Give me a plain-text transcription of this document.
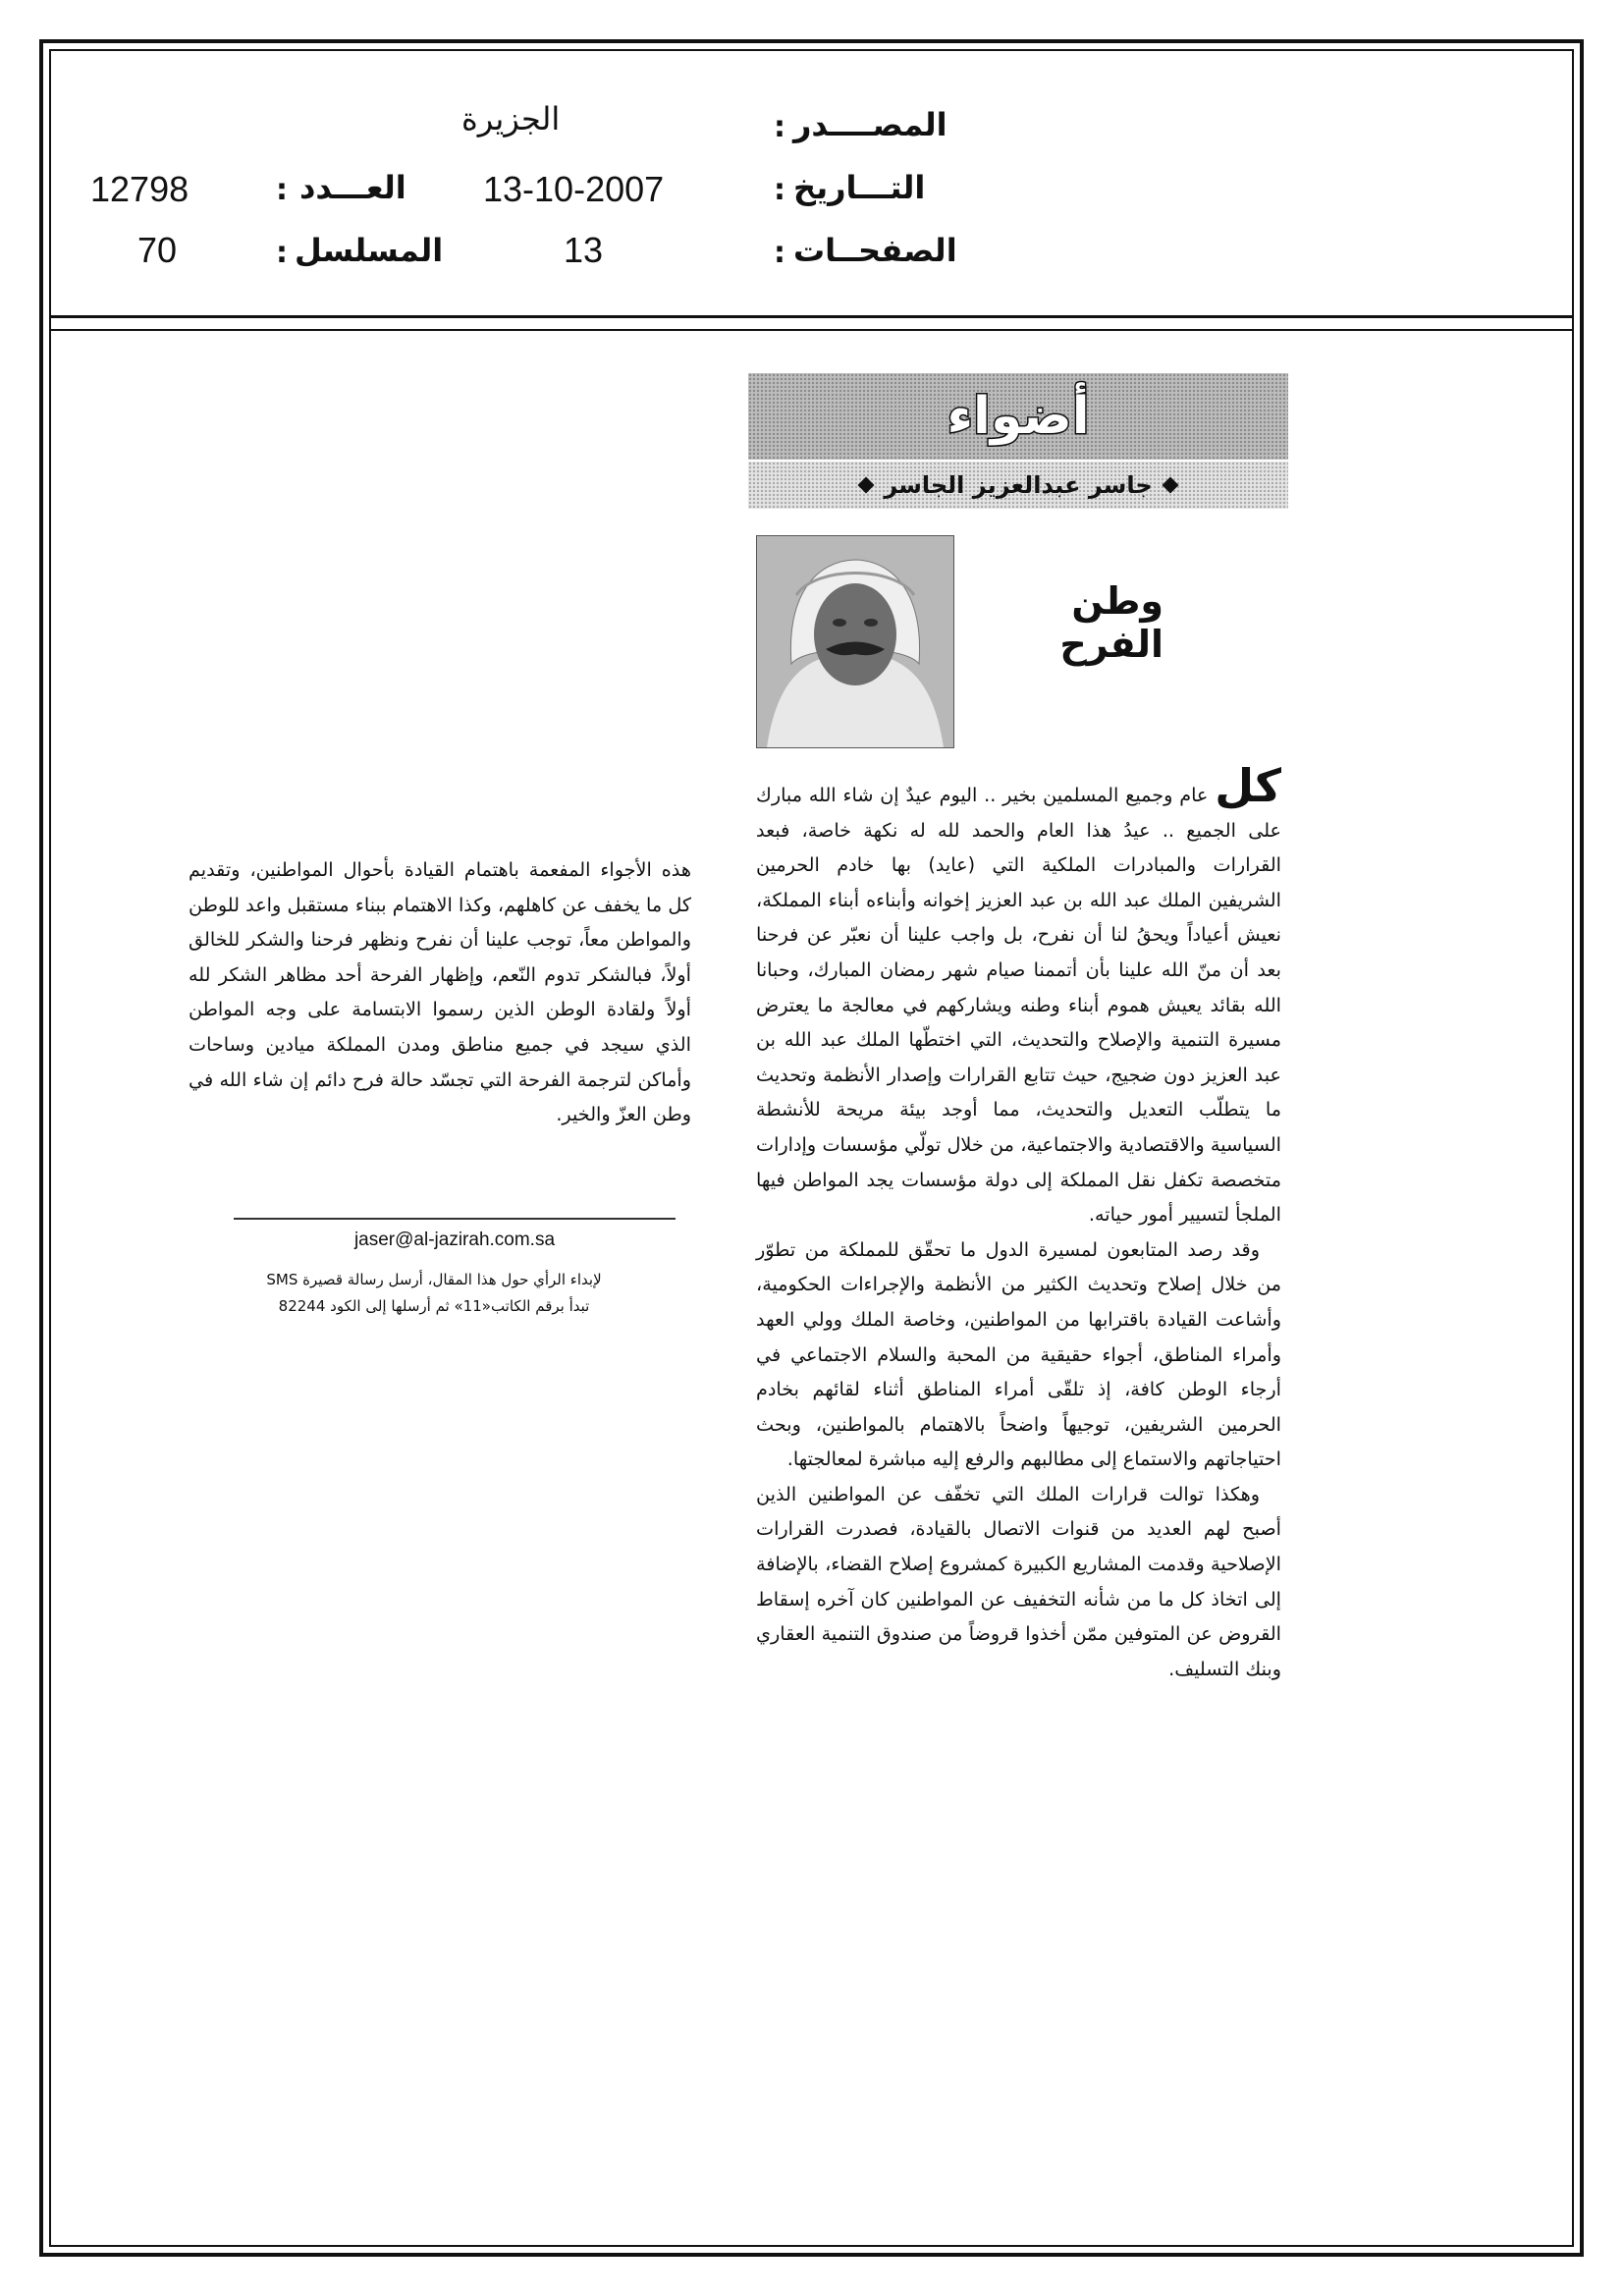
المصــــدر
:
الجزيرة
التـــاريخ
:
13-10-2007
الصفحــات
:
13
العـــدد
:
12798
المسلسل
:
70
أضواء
جاسر عبدالعزيز الجاسر
وطن الفرح

كل عام وجميع المسلمين بخير .. اليوم عيدٌ إن شاء الله مبارك على الجميع .. عيدُ هذا العام والحمد لله له نكهة خاصة، فبعد القرارات والمبادرات الملكية التي (عايد) بها خادم الحرمين الشريفين الملك عبد الله بن عبد العزيز إخوانه وأبناءه أبناء المملكة، نعيش أعياداً ويحقُ لنا أن نفرح، بل واجب علينا أن نعبّر عن فرحنا بعد أن منّ الله علينا بأن أتممنا صيام شهر رمضان المبارك، وحبانا الله بقائد يعيش هموم أبناء وطنه ويشاركهم في معالجة ما يعترض مسيرة التنمية والإصلاح والتحديث، التي اختطّها الملك عبد الله بن عبد العزيز دون ضجيج، حيث تتابع القرارات وإصدار الأنظمة وتحديث ما يتطلّب التعديل والتحديث، مما أوجد بيئة مريحة للأنشطة السياسية والاقتصادية والاجتماعية، من خلال تولّي مؤسسات وإدارات متخصصة تكفل نقل المملكة إلى دولة مؤسسات يجد المواطن فيها الملجأ لتسيير أمور حياته.

وقد رصد المتابعون لمسيرة الدول ما تحقّق للمملكة من تطوّر من خلال إصلاح وتحديث الكثير من الأنظمة والإجراءات الحكومية، وأشاعت القيادة باقترابها من المواطنين، وخاصة الملك وولي العهد وأمراء المناطق، أجواء حقيقية من المحبة والسلام الاجتماعي في أرجاء الوطن كافة، إذ تلقّى أمراء المناطق أثناء لقائهم بخادم الحرمين الشريفين، توجيهاً واضحاً بالاهتمام بالمواطنين، وبحث احتياجاتهم والاستماع إلى مطالبهم والرفع إليه مباشرة لمعالجتها.

وهكذا توالت قرارات الملك التي تخفّف عن المواطنين الذين أصبح لهم العديد من قنوات الاتصال بالقيادة، فصدرت القرارات الإصلاحية وقدمت المشاريع الكبيرة كمشروع إصلاح القضاء، بالإضافة إلى اتخاذ كل ما من شأنه التخفيف عن المواطنين كان آخره إسقاط القروض عن المتوفين ممّن أخذوا قروضاً من صندوق التنمية العقاري وبنك التسليف.

هذه الأجواء المفعمة باهتمام القيادة بأحوال المواطنين، وتقديم كل ما يخفف عن كاهلهم، وكذا الاهتمام ببناء مستقبل واعد للوطن والمواطن معاً، توجب علينا أن نفرح ونظهر فرحنا والشكر للخالق أولاً، فبالشكر تدوم النّعم، وإظهار الفرحة أحد مظاهر الشكر لله أولاً ولقادة الوطن الذين رسموا الابتسامة على وجه المواطن الذي سيجد في جميع مناطق ومدن المملكة ميادين وساحات وأماكن لترجمة الفرحة التي تجسّد حالة فرح دائم إن شاء الله في وطن العزّ والخير.

jaser@al-jazirah.com.sa

لإبداء الرأي حول هذا المقال، أرسل رسالة قصيرة SMS

تبدأ برقم الكاتب«11» ثم أرسلها إلى الكود 82244
